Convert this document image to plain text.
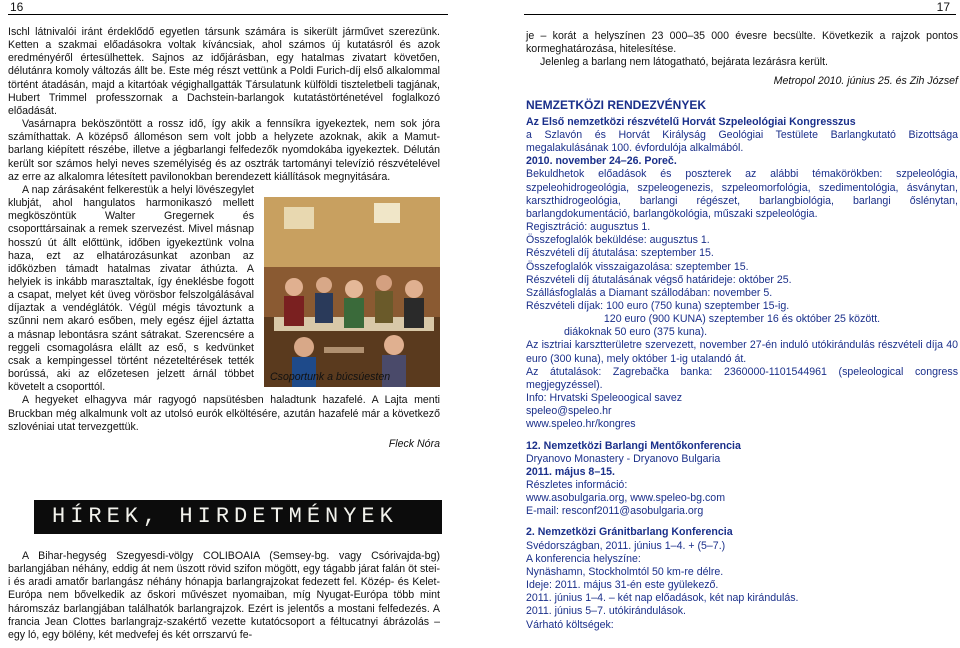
16	17

Ischl látnivalói iránt érdeklődő egyetlen társunk számára is sikerült járművet szerezünk. Ketten a szakmai előadásokra voltak kíváncsiak, ahol számos új kutatásról és azok eredményéről értesülhettek. Sajnos az időjárásban, egy hatalmas zivatart követően, délutánra komoly változás állt be. Este még részt vettünk a Poldi Furich-díj első alkalommal történt átadásán, majd a kitartóak végighallgatták Társulatunk külföldi tiszteletbeli tagjának, Hubert Trimmel professzornak a Dachstein-barlangok kutatástörténetével foglalkozó előadását.

Vasárnapra beköszöntött a rossz idő, így akik a fennsíkra igyekeztek, nem sok jóra számíthattak. A középső álloméson sem volt jobb a helyzete azoknak, akik a Mamut-barlang kiépített részébe, illetve a jégbarlangi felfedezők nyomdokába igyekeztek. Délután került sor számos helyi neves személyiség és az osztrák tartományi televízió részvételével az erre az alkalomra létesített pavilonokban berendezett kiállítások megnyitására.

A nap zárásaként felkerestük a helyi lövészegylet klubját, ahol hangulatos harmonikaszó mellett megköszöntük Walter Gregernek és csoporttársainak a remek szervezést. Mivel másnap hosszú út állt előttünk, időben igyekeztünk volna haza, ezt az elhatározásunkat azonban az időközben támadt hatalmas zivatar áthúzta. A helyiek is inkább marasztaltak, így éneklésbe fogott a csapat, melyet két üveg vörösbor felszolgálásával díjaztak a vendéglátók. Végül mégis távoztunk a szűnni nem akaró esőben, mely egész éjjel áztatta a másnap lebontásra szánt sátrakat. Szerencsére a reggeli csomagolásra elállt az eső, s kedvünket csak a kempingessel történt nézeteltérések tették borússá, aki az előzetesen jelzett árnál többet követelt a csoporttól.

A hegyeket elhagyva már ragyogó napsütésben haladtunk hazafelé. A Lajta menti Bruckban még alkalmunk volt az utolsó eurók elköltésére, azután hazafelé már a következő szlovéniai utat tervezgettük.

Fleck Nóra

Csoportunk a búcsúesten
HÍREK, HIRDETMÉNYEK

A Bihar-hegység Szegyesdi-völgy COLIBOAIA (Semsey-bg. vagy Csórivajda-bg) barlangjában néhány, eddig át nem üszott rövid szifon mögött, egy tágabb járat falán öt stei-i és aradi amatőr barlangász néhány hónapja barlangrajzokat fedezett fel. Közép- és Kelet-Európa nem bővelkedik az őskori művészet nyomaiban, míg Nyugat-Európa több mint háromszáz barlangjában találhatók barlangrajzok. Ezért is jelentős a mostani felfedezés. A francia Jean Clottes barlangrajz-szakértő vezette kutatócsoport a féltucatnyi ábrázolás – egy ló, egy bölény, két medvefej és két orrszarvú fe-

je – korát a helyszínen 23 000–35 000 évesre becsülte. Következik a rajzok pontos kormeghatározása, hitelesítése.

Jelenleg a barlang nem látogatható, bejárata lezárásra került.

Metropol 2010. június 25. és Zih József

NEMZETKÖZI RENDEZVÉNYEK

Az Első nemzetközi részvételű Horvát Szpeleológiai Kongresszus

a Szlavón és Horvát Királyság Geológiai Testülete Barlangkutató Bizottsága megalakulásának 100. évfordulója alkalmából.

2010. november 24–26. Poreč.

Bekuldhetok előadások és poszterek az alábbi témakörökben: szpeleológia, szpeleohidrogeológia, szpeleogenezis, szpeleomorfológia, szedimentológia, ásványtan, karszthidrogeológia, barlangi régészet, barlangbiológia, barlangi őslénytan, barlangdokumentáció, barlangökológia, műszaki szpeleológia.

Regisztráció: augusztus 1.

Összefoglalók beküldése: augusztus 1.

Részvételi díj átutalása: szeptember 15.

Összefoglalók visszaigazolása: szeptember 15.

Részvételi díj átutalásának végső határideje: október 25.

Szállásfoglalás a Diamant szállodában: november 5.

Részvételi díjak: 100 euro (750 kuna) szeptember 15-ig.

120 euro (900 KUNA) szeptember 16 és október 25 között.

diákoknak 50 euro (375 kuna).

Az isztriai karsztterületre szervezett, november 27-én induló utókirándulás részvételi díja 40 euro (300 kuna), mely október 1-ig utalandó át.

Az átutalások: Zagrebačka banka: 2360000-1101544961 (speleological congress megjegyzéssel).

Info: Hrvatski Speleoogical savez

speleo@speleo.hr

www.speleo.hr/kongres

12. Nemzetközi Barlangi Mentőkonferencia

Dryanovo Monastery - Dryanovo Bulgaria

2011. május 8–15.

Részletes információ:

www.asobulgaria.org, www.speleo-bg.com

E-mail: resconf2011@asobulgaria.org

2. Nemzetközi Gránitbarlang Konferencia

Svédországban, 2011. június 1–4. + (5–7.)

A konferencia helyszíne:

Nynäshamn, Stockholmtól 50 km-re délre.

Ideje: 2011. május 31-én este gyülekező.

2011. június 1–4. – két nap előadások, két nap kirándulás.

2011. június 5–7. utókirándulások.

Várható költségek:
